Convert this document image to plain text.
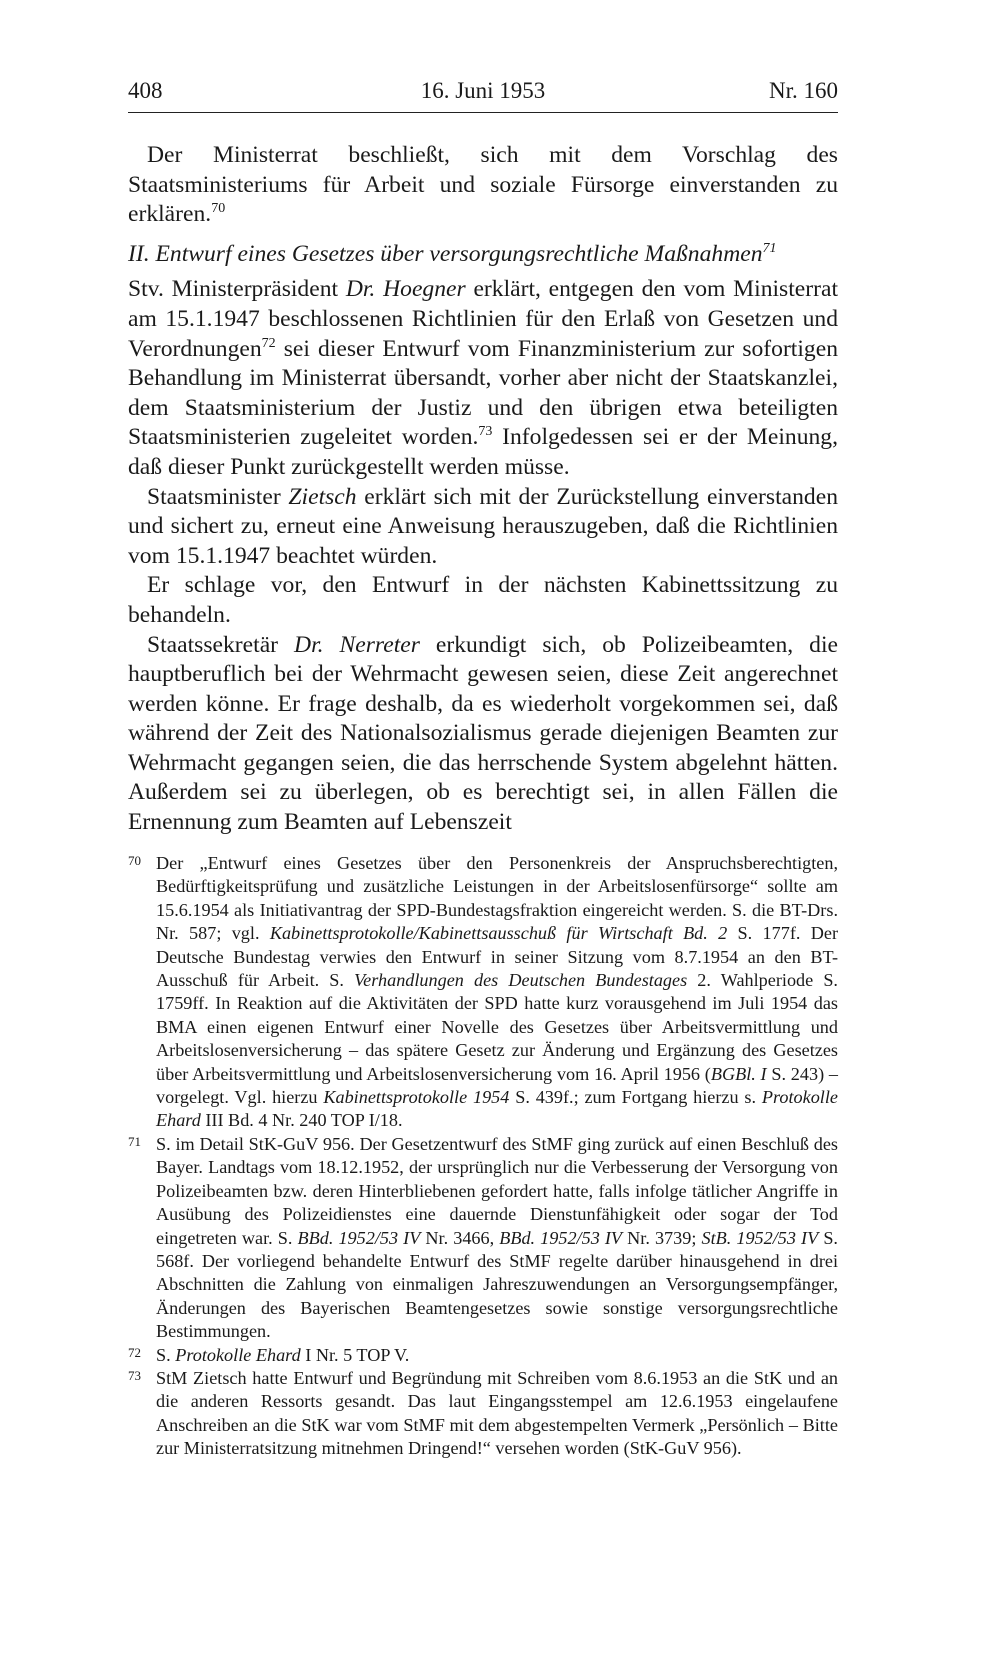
408	16. Juni 1953	Nr. 160

Der Ministerrat beschließt, sich mit dem Vorschlag des Staatsministeriums für Arbeit und soziale Fürsorge einverstanden zu erklären.$^{70}$

II. Entwurf eines Gesetzes über versorgungsrechtliche Maßnahmen$^{71}$

Stv. Ministerpräsident Dr. Hoegner erklärt, entgegen den vom Ministerrat am 15.1.1947 beschlossenen Richtlinien für den Erlaß von Gesetzen und Verordnungen$^{72}$ sei dieser Entwurf vom Finanzministerium zur sofortigen Behandlung im Ministerrat übersandt, vorher aber nicht der Staatskanzlei, dem Staatsministerium der Justiz und den übrigen etwa beteiligten Staatsministerien zugeleitet worden.$^{73}$ Infolgedessen sei er der Meinung, daß dieser Punkt zurückgestellt werden müsse.

Staatsminister Zietsch erklärt sich mit der Zurückstellung einverstanden und sichert zu, erneut eine Anweisung herauszugeben, daß die Richtlinien vom 15.1.1947 beachtet würden.

Er schlage vor, den Entwurf in der nächsten Kabinettssitzung zu behandeln.

Staatssekretär Dr. Nerreter erkundigt sich, ob Polizeibeamten, die hauptberuflich bei der Wehrmacht gewesen seien, diese Zeit angerechnet werden könne. Er frage deshalb, da es wiederholt vorgekommen sei, daß während der Zeit des Nationalsozialismus gerade diejenigen Beamten zur Wehrmacht gegangen seien, die das herrschende System abgelehnt hätten. Außerdem sei zu überlegen, ob es berechtigt sei, in allen Fällen die Ernennung zum Beamten auf Lebenszeit

70 Der „Entwurf eines Gesetzes über den Personenkreis der Anspruchsberechtigten, Bedürftigkeitsprüfung und zusätzliche Leistungen in der Arbeitslosenfürsorge“ sollte am 15.6.1954 als Initiativantrag der SPD-Bundestagsfraktion eingereicht werden. S. die BT-Drs. Nr. 587; vgl. Kabinettsprotokolle/Kabinettsausschuß für Wirtschaft Bd. 2 S. 177f. Der Deutsche Bundestag verwies den Entwurf in seiner Sitzung vom 8.7.1954 an den BT-Ausschuß für Arbeit. S. Verhandlungen des Deutschen Bundestages 2. Wahlperiode S. 1759ff. In Reaktion auf die Aktivitäten der SPD hatte kurz vorausgehend im Juli 1954 das BMA einen eigenen Entwurf einer Novelle des Gesetzes über Arbeitsvermittlung und Arbeitslosenversicherung – das spätere Gesetz zur Änderung und Ergänzung des Gesetzes über Arbeitsvermittlung und Arbeitslosenversicherung vom 16. April 1956 (BGBl. I S. 243) – vorgelegt. Vgl. hierzu Kabinettsprotokolle 1954 S. 439f.; zum Fortgang hierzu s. Protokolle Ehard III Bd. 4 Nr. 240 TOP I/18.
71 S. im Detail StK-GuV 956. Der Gesetzentwurf des StMF ging zurück auf einen Beschluß des Bayer. Landtags vom 18.12.1952, der ursprünglich nur die Verbesserung der Versorgung von Polizeibeamten bzw. deren Hinterbliebenen gefordert hatte, falls infolge tätlicher Angriffe in Ausübung des Polizeidienstes eine dauernde Dienstunfähigkeit oder sogar der Tod eingetreten war. S. BBd. 1952/53 IV Nr. 3466, BBd. 1952/53 IV Nr. 3739; StB. 1952/53 IV S. 568f. Der vorliegend behandelte Entwurf des StMF regelte darüber hinausgehend in drei Abschnitten die Zahlung von einmaligen Jahreszuwendungen an Versorgungsempfänger, Änderungen des Bayerischen Beamtengesetzes sowie sonstige versorgungsrechtliche Bestimmungen.
72 S. Protokolle Ehard I Nr. 5 TOP V.
73 StM Zietsch hatte Entwurf und Begründung mit Schreiben vom 8.6.1953 an die StK und an die anderen Ressorts gesandt. Das laut Eingangsstempel am 12.6.1953 eingelaufene Anschreiben an die StK war vom StMF mit dem abgestempelten Vermerk „Persönlich – Bitte zur Ministerratsitzung mitnehmen Dringend!“ versehen worden (StK-GuV 956).
